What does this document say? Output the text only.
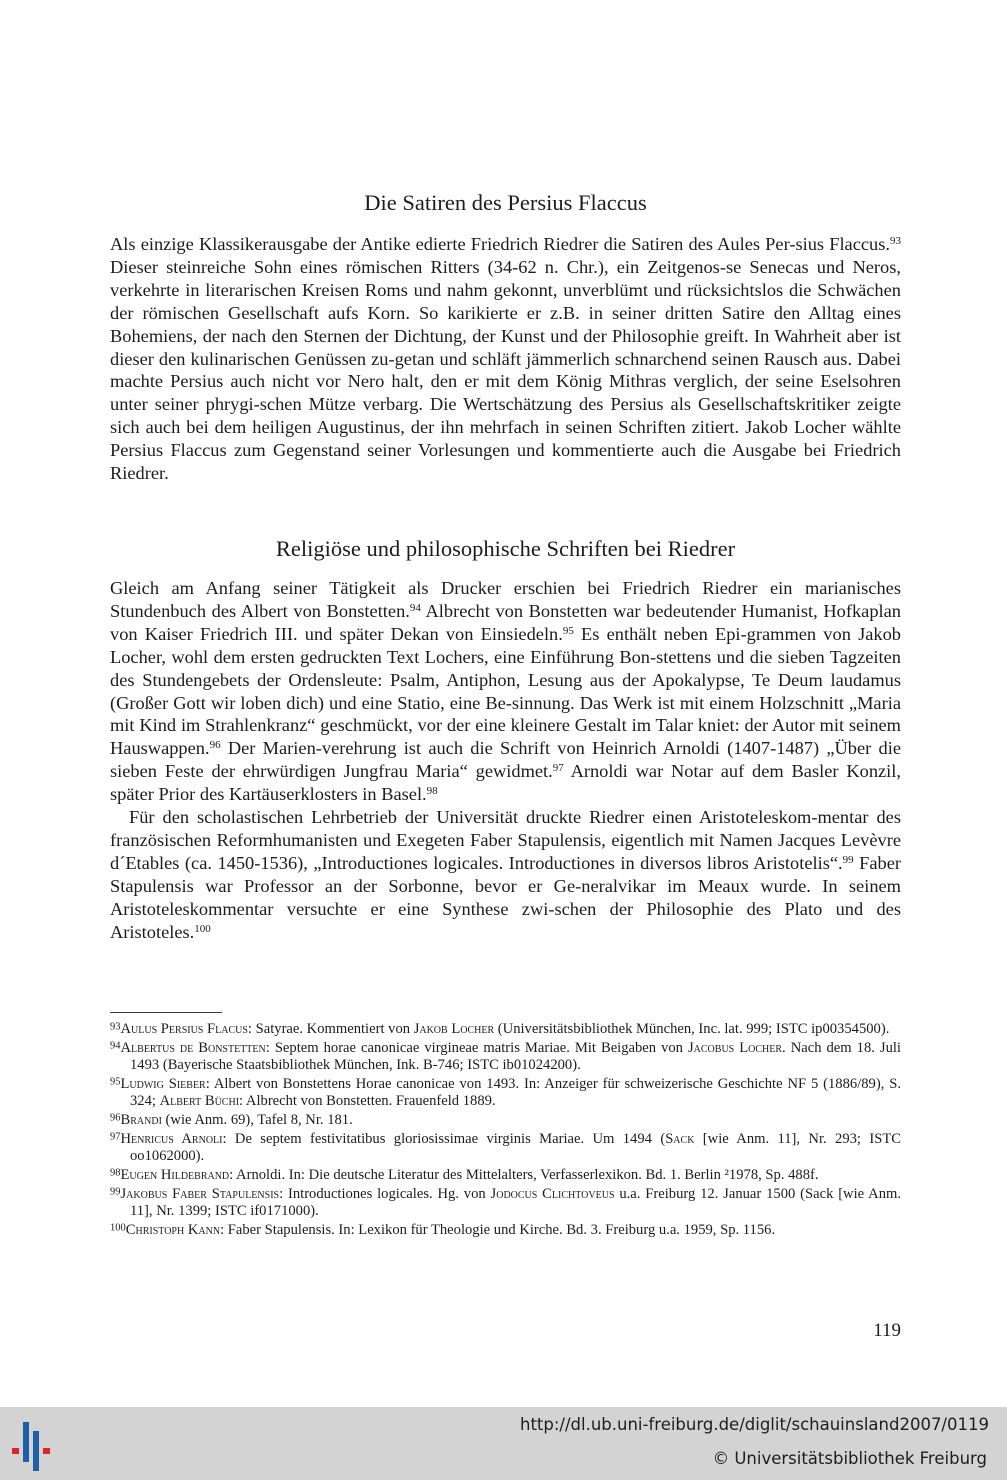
Die Satiren des Persius Flaccus

Als einzige Klassikerausgabe der Antike edierte Friedrich Riedrer die Satiren des Aules Per-sius Flaccus.$^{93}$ Dieser steinreiche Sohn eines römischen Ritters (34-62 n. Chr.), ein Zeitgenos-se Senecas und Neros, verkehrte in literarischen Kreisen Roms und nahm gekonnt, unverblümt und rücksichtslos die Schwächen der römischen Gesellschaft aufs Korn. So karikierte er z.B. in seiner dritten Satire den Alltag eines Bohemiens, der nach den Sternen der Dichtung, der Kunst und der Philosophie greift. In Wahrheit aber ist dieser den kulinarischen Genüssen zu-getan und schläft jämmerlich schnarchend seinen Rausch aus. Dabei machte Persius auch nicht vor Nero halt, den er mit dem König Mithras verglich, der seine Eselsohren unter seiner phrygi-schen Mütze verbarg. Die Wertschätzung des Persius als Gesellschaftskritiker zeigte sich auch bei dem heiligen Augustinus, der ihn mehrfach in seinen Schriften zitiert. Jakob Locher wählte Persius Flaccus zum Gegenstand seiner Vorlesungen und kommentierte auch die Ausgabe bei Friedrich Riedrer.

Religiöse und philosophische Schriften bei Riedrer

Gleich am Anfang seiner Tätigkeit als Drucker erschien bei Friedrich Riedrer ein marianisches Stundenbuch des Albert von Bonstetten.$^{94}$ Albrecht von Bonstetten war bedeutender Humanist, Hofkaplan von Kaiser Friedrich III. und später Dekan von Einsiedeln.$^{95}$ Es enthält neben Epi-grammen von Jakob Locher, wohl dem ersten gedruckten Text Lochers, eine Einführung Bon-stettens und die sieben Tagzeiten des Stundengebets der Ordensleute: Psalm, Antiphon, Lesung aus der Apokalypse, Te Deum laudamus (Großer Gott wir loben dich) und eine Statio, eine Be-sinnung. Das Werk ist mit einem Holzschnitt „Maria mit Kind im Strahlenkranz“ geschmückt, vor der eine kleinere Gestalt im Talar kniet: der Autor mit seinem Hauswappen.$^{96}$ Der Marien-verehrung ist auch die Schrift von Heinrich Arnoldi (1407-1487) „Über die sieben Feste der ehrwürdigen Jungfrau Maria“ gewidmet.$^{97}$ Arnoldi war Notar auf dem Basler Konzil, später Prior des Kartäuserklosters in Basel.$^{98}$

Für den scholastischen Lehrbetrieb der Universität druckte Riedrer einen Aristoteleskom-mentar des französischen Reformhumanisten und Exegeten Faber Stapulensis, eigentlich mit Namen Jacques Levèvre d´Etables (ca. 1450-1536), „Introductiones logicales. Introductiones in diversos libros Aristotelis“.$^{99}$ Faber Stapulensis war Professor an der Sorbonne, bevor er Ge-neralvikar im Meaux wurde. In seinem Aristoteleskommentar versuchte er eine Synthese zwi-schen der Philosophie des Plato und des Aristoteles.$^{100}$

$^{93}$Aulus Persius Flacus: Satyrae. Kommentiert von Jakob Locher (Universitätsbibliothek München, Inc. lat. 999; ISTC ip00354500).
$^{94}$Albertus de Bonstetten: Septem horae canonicae virgineae matris Mariae. Mit Beigaben von Jacobus Locher. Nach dem 18. Juli 1493 (Bayerische Staatsbibliothek München, Ink. B-746; ISTC ib01024200).
$^{95}$Ludwig Sieber: Albert von Bonstettens Horae canonicae von 1493. In: Anzeiger für schweizerische Geschichte NF 5 (1886/89), S. 324; Albert Büchi: Albrecht von Bonstetten. Frauenfeld 1889.
$^{96}$Brandi (wie Anm. 69), Tafel 8, Nr. 181.
$^{97}$Henricus Arnoli: De septem festivitatibus gloriosissimae virginis Mariae. Um 1494 (Sack [wie Anm. 11], Nr. 293; ISTC oo1062000).
$^{98}$Eugen Hildebrand: Arnoldi. In: Die deutsche Literatur des Mittelalters, Verfasserlexikon. Bd. 1. Berlin ²1978, Sp. 488f.
$^{99}$Jakobus Faber Stapulensis: Introductiones logicales. Hg. von Jodocus Clichtoveus u.a. Freiburg 12. Januar 1500 (Sack [wie Anm. 11], Nr. 1399; ISTC if0171000).
$^{100}$Christoph Kann: Faber Stapulensis. In: Lexikon für Theologie und Kirche. Bd. 3. Freiburg u.a. 1959, Sp. 1156.
119
http://dl.ub.uni-freiburg.de/diglit/schauinsland2007/0119
© Universitätsbibliothek Freiburg
